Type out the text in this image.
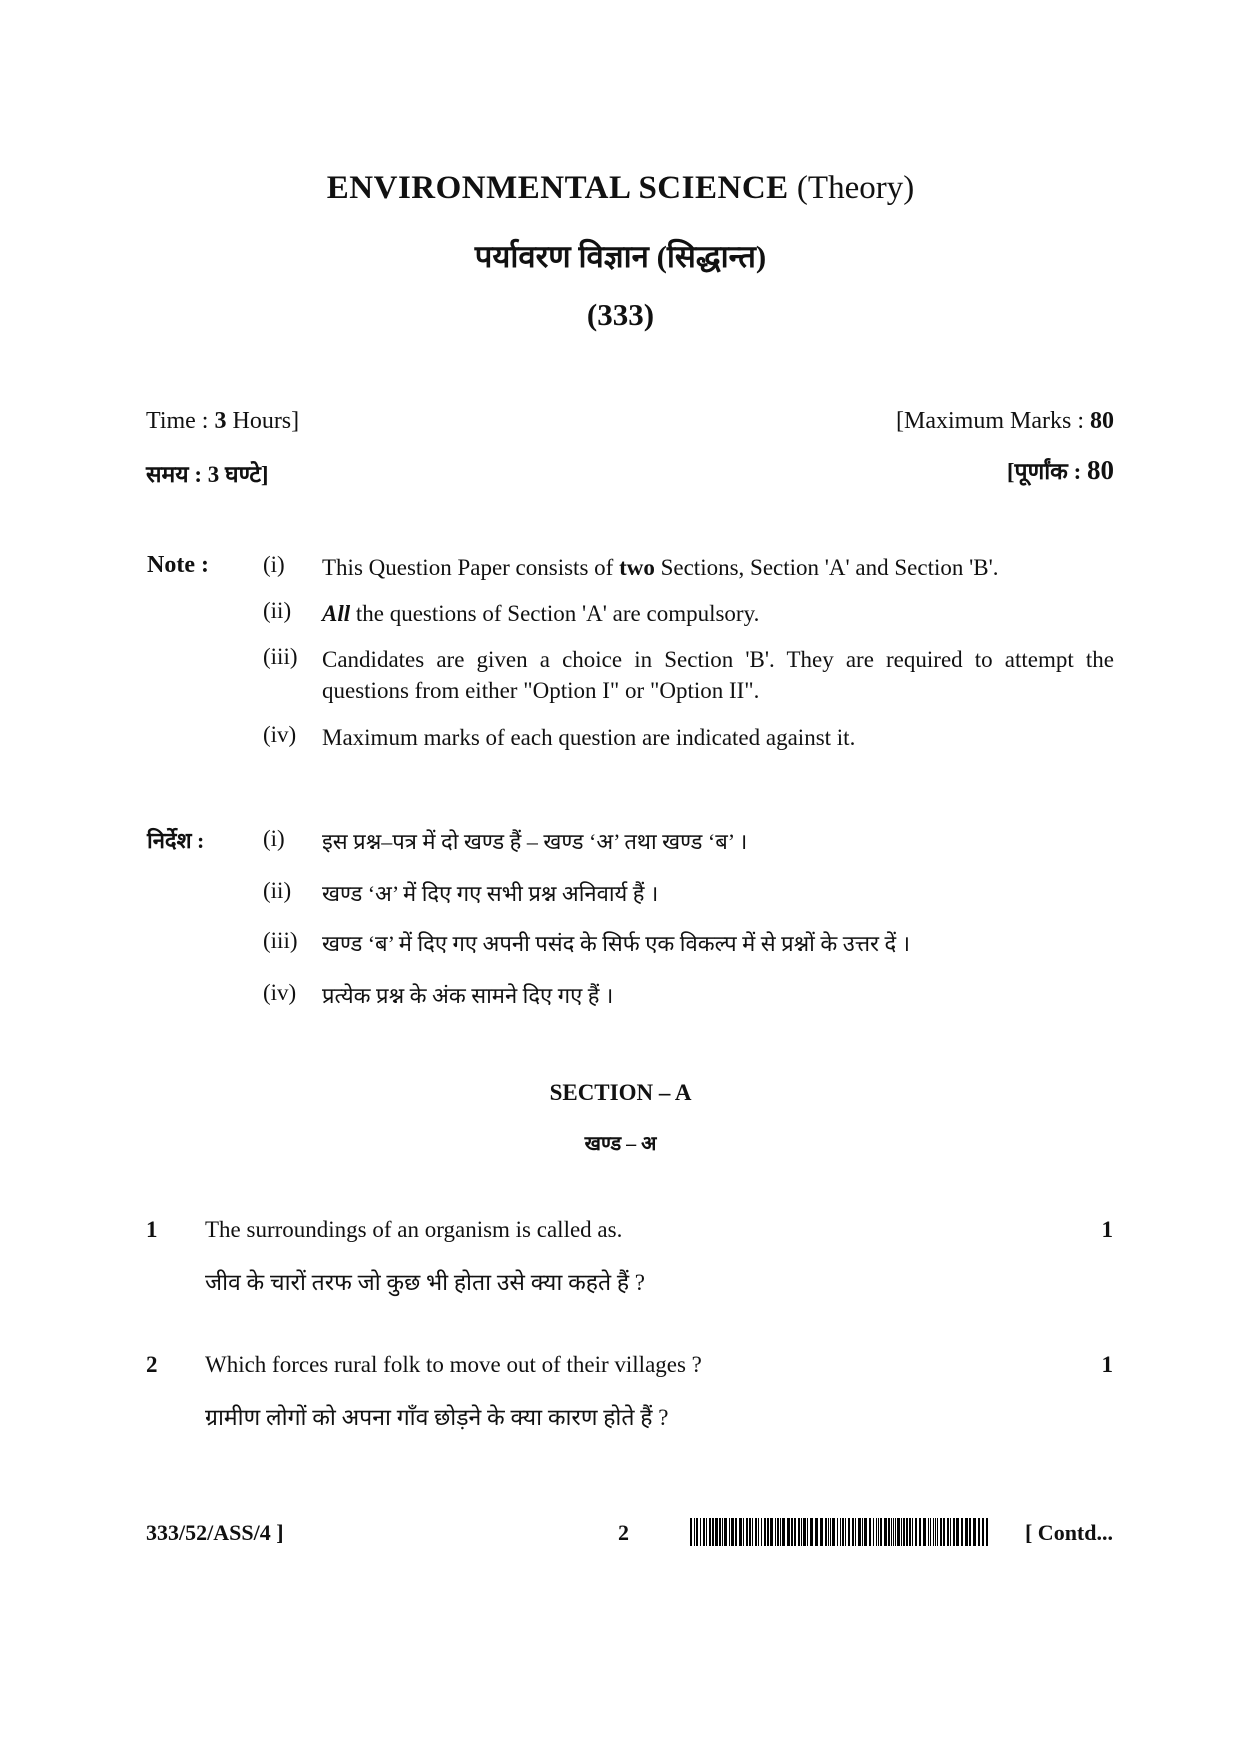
ENVIRONMENTAL SCIENCE (Theory)
पर्यावरण विज्ञान (सिद्धान्त)
(333)
Time : 3 Hours]	[Maximum Marks : 80
समय : 3 घण्टे]	[पूर्णांक : 80
Note : (i) This Question Paper consists of two Sections, Section 'A' and Section 'B'.
(ii) All the questions of Section 'A' are compulsory.
(iii) Candidates are given a choice in Section 'B'. They are required to attempt the questions from either "Option I" or "Option II".
(iv) Maximum marks of each question are indicated against it.
निर्देश :	(i) इस प्रश्न–पत्र में दो खण्ड हैं – खण्ड ‘अ’ तथा खण्ड ‘ब’ ।
(ii) खण्ड ‘अ’ में दिए गए सभी प्रश्न अनिवार्य हैं ।
(iii) खण्ड ‘ब’ में दिए गए अपनी पसंद के सिर्फ एक विकल्प में से प्रश्नों के उत्तर दें ।
(iv) प्रत्येक प्रश्न के अंक सामने दिए गए हैं ।
SECTION – A
खण्ड – अ
1 The surroundings of an organism is called as.	1
जीव के चारों तरफ जो कुछ भी होता उसे क्या कहते हैं ?
2 Which forces rural folk to move out of their villages ?	1
ग्रामीण लोगों को अपना गाँव छोड़ने के क्या कारण होते हैं ?
333/52/ASS/4 ]	2	[ Contd...
